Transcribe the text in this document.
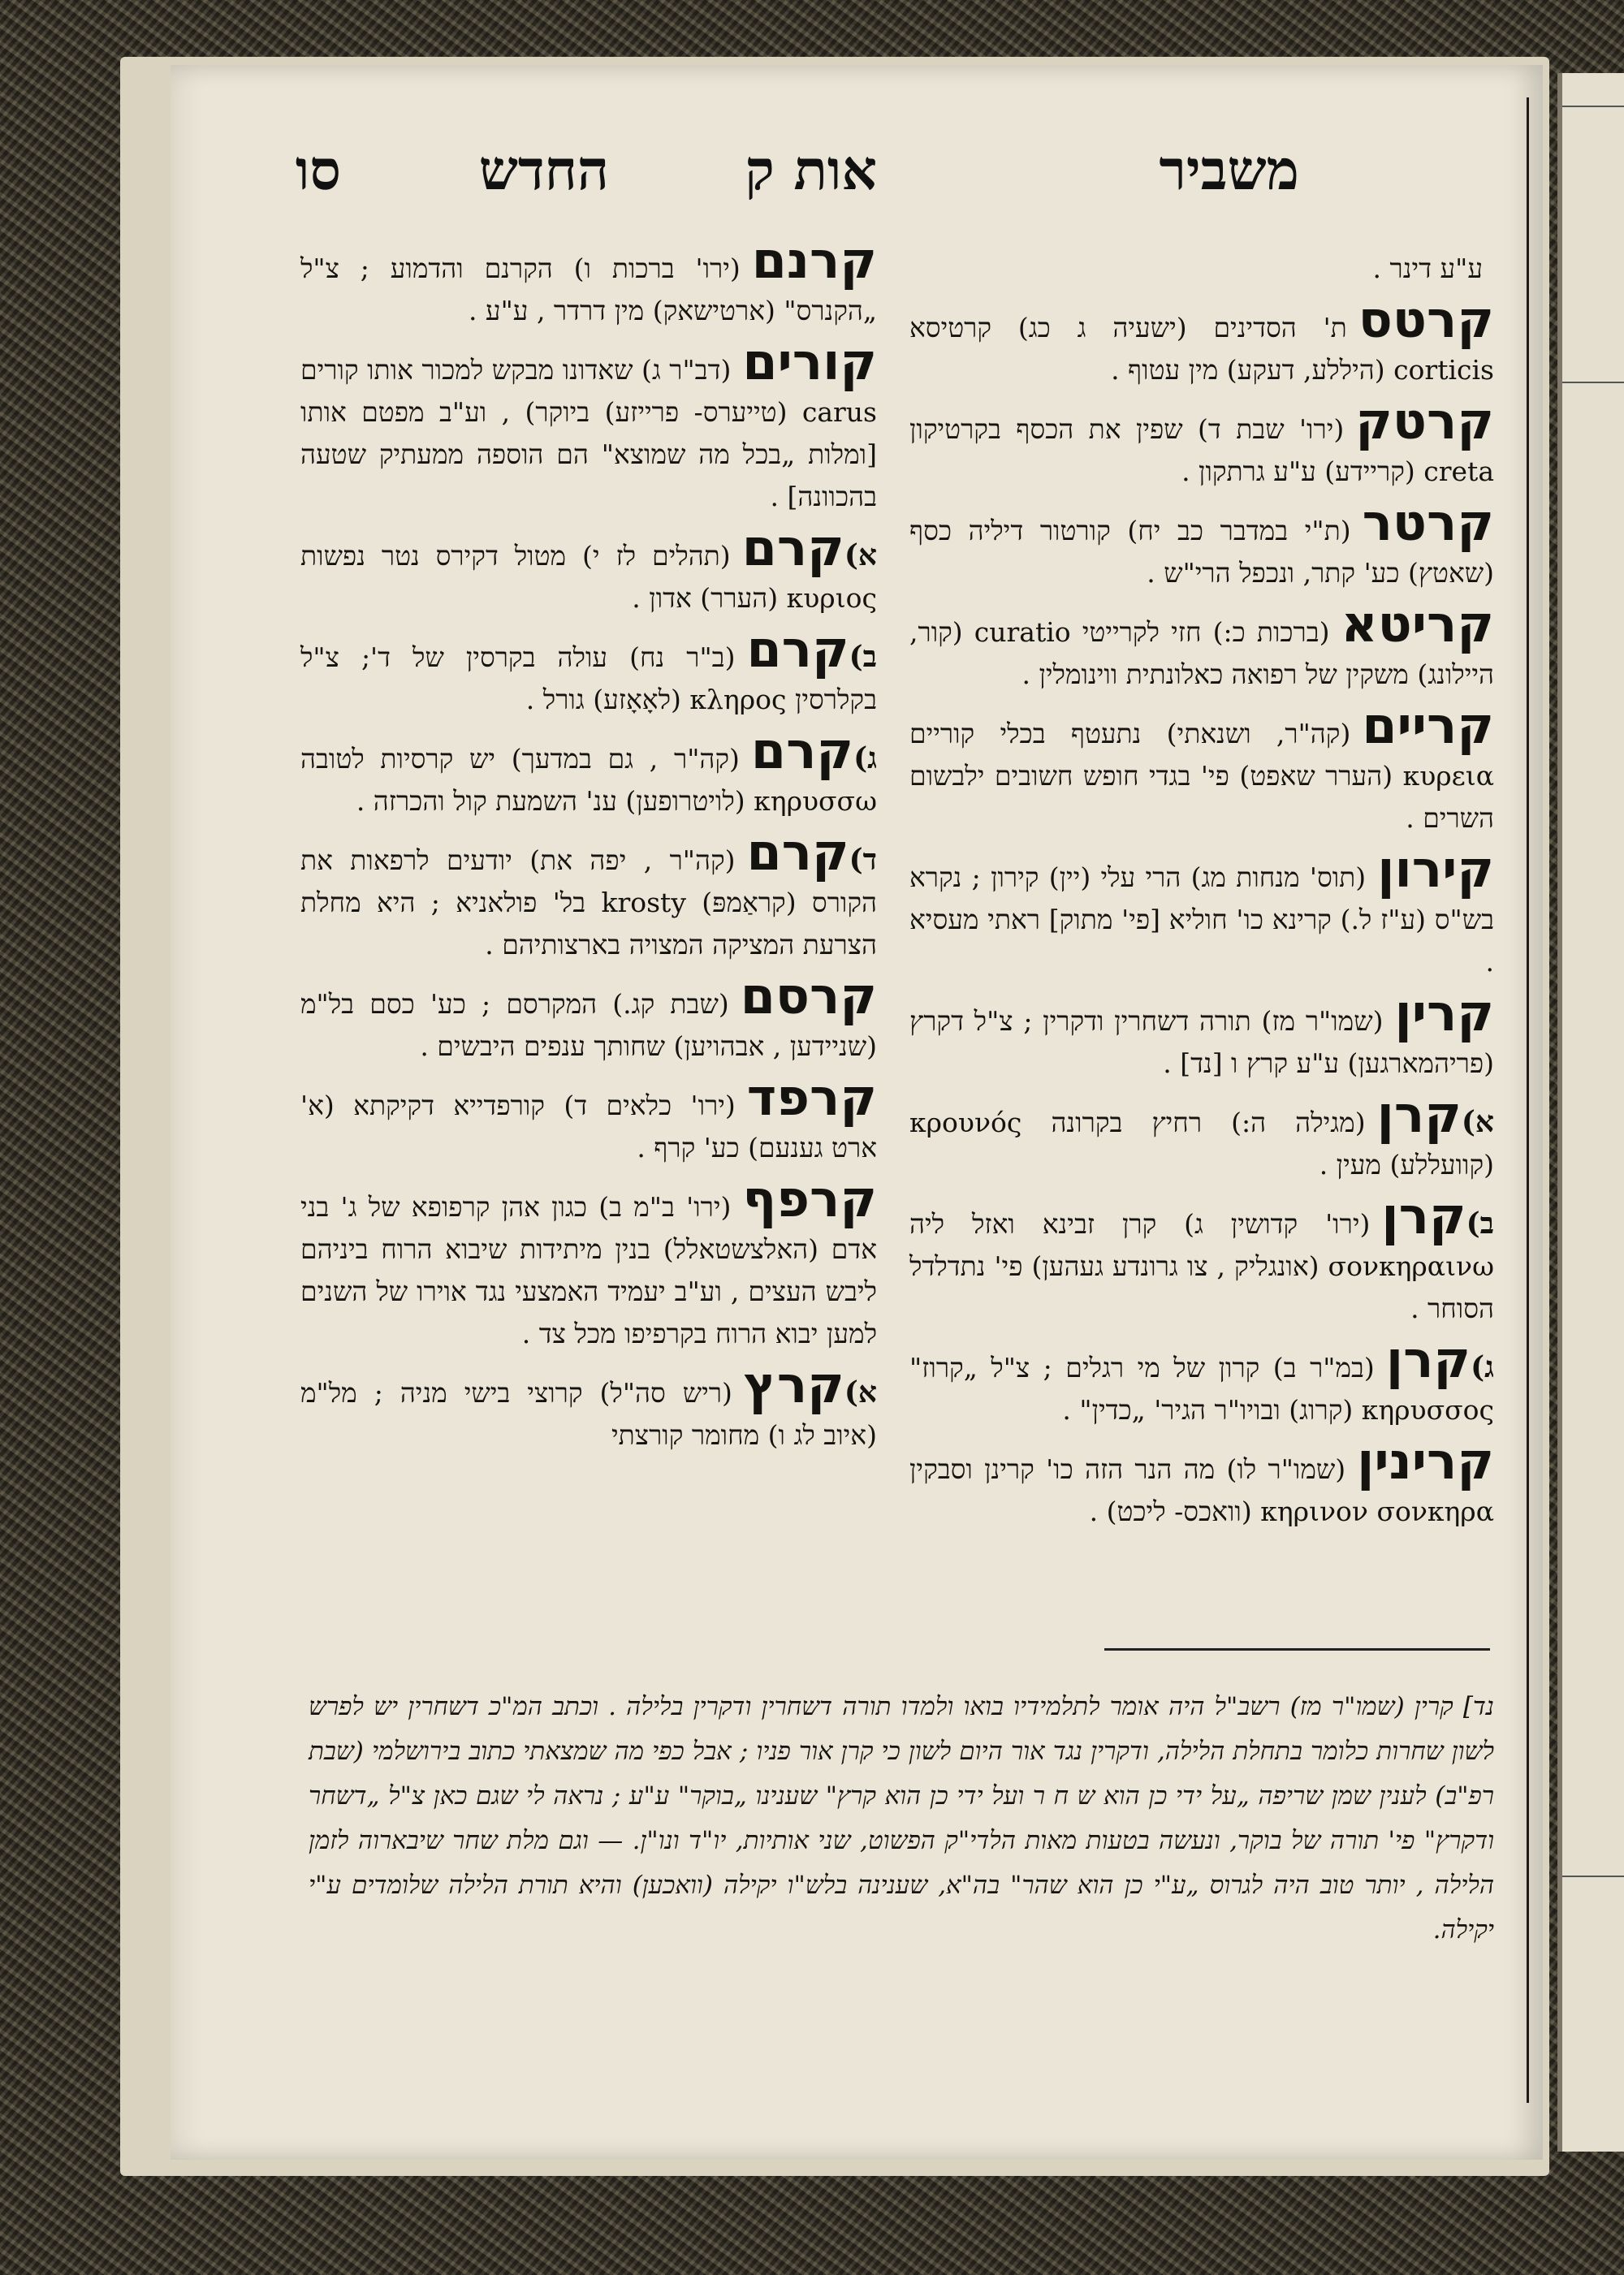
משביר
אות ק
החדש
סו
ע"ע דינר .
קרטסת' הסדינים (ישעיה ג כג) קרטיסא corticis (היללע, דעקע) מין עטוף .
קרטק(ירו' שבת ד) שפין את הכסף בקרטיקון creta (קריידע) ע"ע גרתקון .
קרטר(ת"י במדבר כב יח) קורטור דיליה כסף (שאטץ) כע' קתר, ונכפל הרי"ש .
קריטא(ברכות כ:) חזי לקרייטי curatio (קור, היילונג) משקין של רפואה כאלונתית ווינומלין .
קריים(קה"ר, ושנאתי) נתעטף בכלי קוריים κυρεια (הערר שאפט) פי' בגדי חופש חשובים ילבשום השרים .
קירון(תוס' מנחות מג) הרי עלי (יין) קירון ; נקרא בש"ס (ע"ז ל.) קרינא כו' חוליא [פי' מתוק] ראתי מעסיא .
קרין(שמו"ר מז) תורה דשחרין ודקרין ; צ"ל דקרץ (פריהמארגען) ע"ע קרץ ו [נד] .
א)קרן(מגילה ה:) רחיץ בקרונה κρουνός (קוועללע) מעין .
ב)קרן(ירו' קדושין ג) קרן זבינא ואזל ליה σονκηραινω (אונגליק , צו גרונדע געהען) פי' נתדלדל הסוחר .
ג)קרן(במ"ר ב) קרון של מי רגלים ; צ"ל „קרוז" κηρυσσος (קרוג) ובויו"ר הגיר' „כדין" .
קרינין(שמו"ר לו) מה הנר הזה כו' קרינן וסבקין κηρινον σονκηρα (וואכס- ליכט) .
קרנם(ירו' ברכות ו) הקרנם והדמוע ; צ"ל „הקנרס" (ארטישאק) מין דרדר , ע"ע .
קורים(דב"ר ג) שאדונו מבקש למכור אותו קורים carus (טייערס- פרייזע) ביוקר) , וע"ב מפטם אותו [ומלות „בכל מה שמוצא" הם הוספה ממעתיק שטעה בהכוונה] .
א)קרם(תהלים לז י) מטול דקירס נטר נפשות κυριος (הערר) אדון .
ב)קרם(ב"ר נח) עולה בקרסין של ד'; צ"ל בקלרסין κληρος (לאָאָזע) גורל .
ג)קרם(קה"ר , גם במדעך) יש קרסיות לטובה κηρυσσω (לויטרופען) ענ' השמעת קול והכרזה .
ד)קרם(קה"ר , יפה את) יודעים לרפאות את הקורס (קראַמפּ) krosty בל' פולאניא ; היא מחלת הצרעת המציקה המצויה בארצותיהם .
קרסם(שבת קג.) המקרסם ; כע' כסם בל"מ (שניידען , אבהויען) שחותך ענפים היבשים .
קרפד(ירו' כלאים ד) קורפדייא דקיקתא (א' ארט גענעם) כע' קרף .
קרפף(ירו' ב"מ ב) כגון אהן קרפופא של ג' בני אדם (האלצשטאלל) בנין מיתידות שיבוא הרוח ביניהם ליבש העצים , וע"ב יעמיד האמצעי נגד אוירו של השנים למען יבוא הרוח בקרפיפו מכל צד .
א)קרץ(ריש סה"ל) קרוצי בישי מניה ; מל"מ (איוב לג ו) מחומר קורצתי
נד] קרין (שמו"ר מז) רשב"ל היה אומר לתלמידיו בואו ולמדו תורה דשחרין ודקרין בלילה . וכתב המ"כ דשחרין יש לפרש לשון שחרות כלומר בתחלת הלילה, ודקרין נגד אור היום לשון כי קרן אור פניו ; אבל כפי מה שמצאתי כתוב בירושלמי (שבת רפ"ב) לענין שמן שריפה „על ידי כן הוא ש ח ר ועל ידי כן הוא קרץ" שענינו „בוקר" ע"ע ; נראה לי שגם כאן צ"ל „דשחר ודקרץ" פי' תורה של בוקר, ונעשה בטעות מאות הלדי"ק הפשוט, שני אותיות, יו"ד ונו"ן. — וגם מלת שחר שיבארוה לזמן הלילה , יותר טוב היה לגרוס „ע"י כן הוא שהר" בה"א, שענינה בלש"ו יקילה (וואכען) והיא תורת הלילה שלומדים ע"י יקילה.
